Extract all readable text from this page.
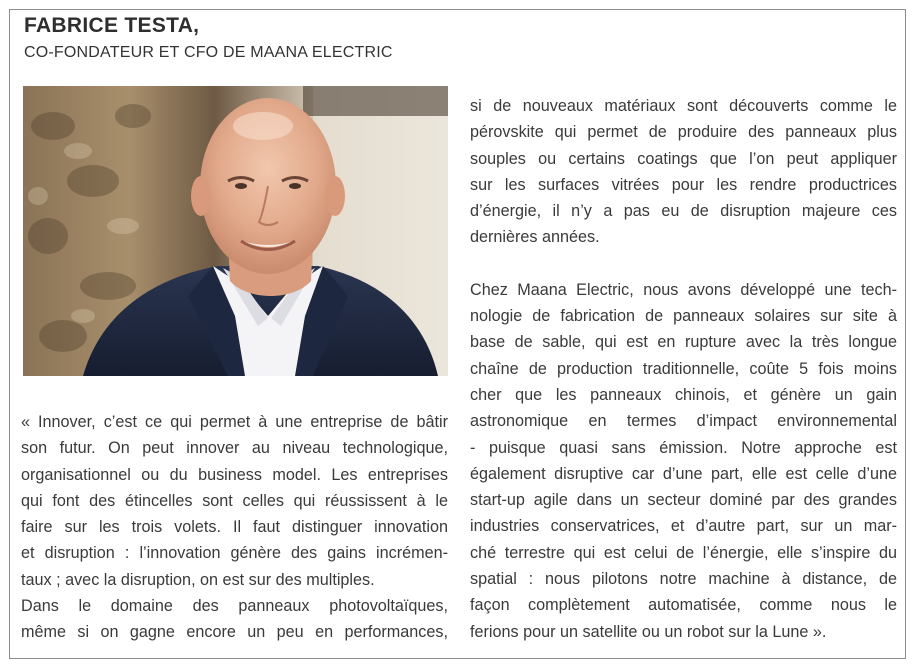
FABRICE TESTA,
CO-FONDATEUR ET CFO DE MAANA ELECTRIC
« Innover, c’est ce qui permet à une entreprise de bâtir
son futur. On peut innover au niveau technologique,
organisationnel ou du business model. Les entreprises
qui font des étincelles sont celles qui réussissent à le
faire sur les trois volets. Il faut distinguer innovation
et disruption : l’innovation génère des gains incrémen-
taux ; avec la disruption, on est sur des multiples.
Dans le domaine des panneaux photovoltaïques,
même si on gagne encore un peu en performances,
si de nouveaux matériaux sont découverts comme le
pérovskite qui permet de produire des panneaux plus
souples ou certains coatings que l’on peut appliquer
sur les surfaces vitrées pour les rendre productrices
d’énergie, il n’y a pas eu de disruption majeure ces
dernières années.
Chez Maana Electric, nous avons développé une tech-
nologie de fabrication de panneaux solaires sur site à
base de sable, qui est en rupture avec la très longue
chaîne de production traditionnelle, coûte 5 fois moins
cher que les panneaux chinois, et génère un gain
astronomique en termes d’impact environnemental
- puisque quasi sans émission. Notre approche est
également disruptive car d’une part, elle est celle d’une
start-up agile dans un secteur dominé par des grandes
industries conservatrices, et d’autre part, sur un mar-
ché terrestre qui est celui de l’énergie, elle s’inspire du
spatial : nous pilotons notre machine à distance, de
façon complètement automatisée, comme nous le
ferions pour un satellite ou un robot sur la Lune ».
